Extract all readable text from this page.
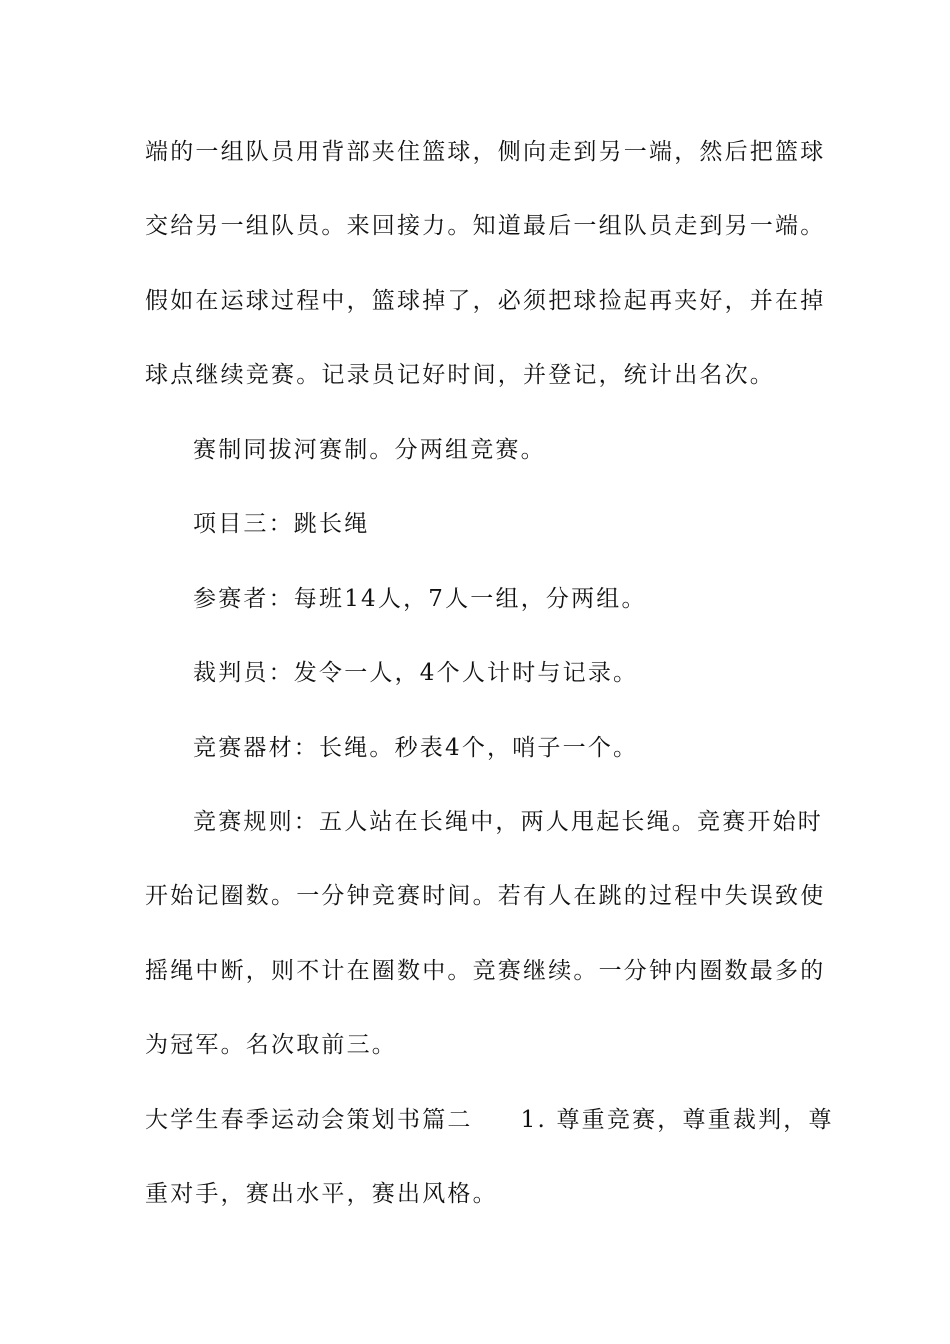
端的一组队员用背部夹住篮球，侧向走到另一端，然后把篮球
交给另一组队员。来回接力。知道最后一组队员走到另一端。
假如在运球过程中，篮球掉了，必须把球捡起再夹好，并在掉
球点继续竞赛。记录员记好时间，并登记，统计出名次。
赛制同拔河赛制。分两组竞赛。
项目三：跳长绳
参赛者：每班14人，7人一组，分两组。
裁判员：发令一人，4个人计时与记录。
竞赛器材：长绳。秒表4个，哨子一个。
竞赛规则：五人站在长绳中，两人甩起长绳。竞赛开始时
开始记圈数。一分钟竞赛时间。若有人在跳的过程中失误致使
摇绳中断，则不计在圈数中。竞赛继续。一分钟内圈数最多的
为冠军。名次取前三。
大学生春季运动会策划书篇二 1. 尊重竞赛，尊重裁判，尊
重对手，赛出水平，赛出风格。
